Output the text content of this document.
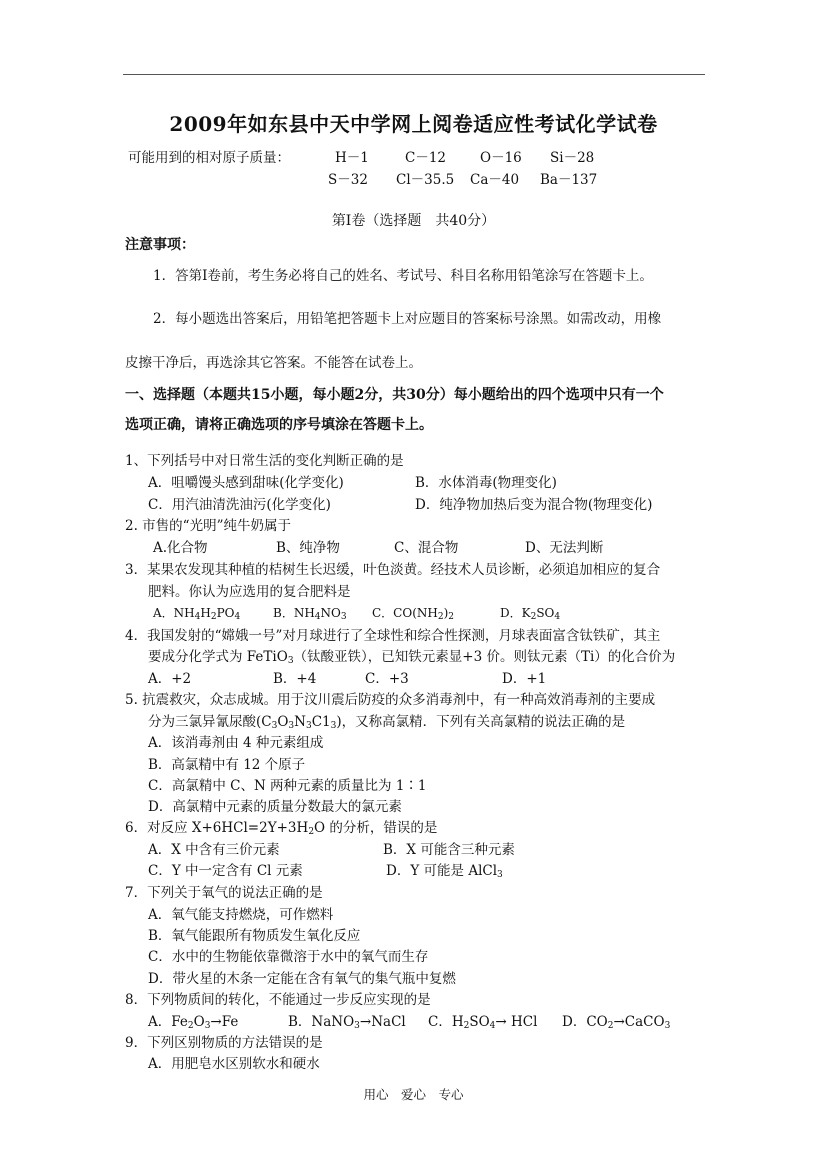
2009年如东县中天中学网上阅卷适应性考试化学试卷
可能用到的相对原子质量：	H－1	C－12	O－16 Si－28
S－32 Cl－35.5 Ca－40 Ba－137
第Ⅰ卷（选择题　共40分）
注意事项：
1．答第Ⅰ卷前，考生务必将自己的姓名、考试号、科目名称用铅笔涂写在答题卡上。
2．每小题选出答案后，用铅笔把答题卡上对应题目的答案标号涂黑。如需改动，用橡
皮擦干净后，再选涂其它答案。不能答在试卷上。
一、选择题（本题共15小题，每小题2分，共30分）每小题给出的四个选项中只有一个
选项正确，请将正确选项的序号填涂在答题卡上。
1、下列括号中对日常生活的变化判断正确的是
A．咀嚼馒头感到甜味(化学变化)	B．水体消毒(物理变化)
C．用汽油清洗油污(化学变化)	D．纯净物加热后变为混合物(物理变化)
2. 市售的“光明”纯牛奶属于
A.化合物	B、纯净物	C、混合物	D、无法判断
3．某果农发现其种植的桔树生长迟缓，叶色淡黄。经技术人员诊断，必须追加相应的复合
肥料。你认为应选用的复合肥料是
A．$NH_4H_2PO_4$	B．$NH_4NO_3$ C．$CO(NH_2)_2$	D．$K_2SO_4$
4．我国发射的“嫦娥一号”对月球进行了全球性和综合性探测，月球表面富含钛铁矿，其主
要成分化学式为 FeTiO$_3$（钛酸亚铁），已知铁元素显+3 价。则钛元素（Ti）的化合价为
A．+2	B．+4	C．+3	D．+1
5. 抗震救灾，众志成城。用于汶川震后防疫的众多消毒剂中，有一种高效消毒剂的主要成
分为三氯异氰尿酸$(C_3O_3N_3C1_3)$，又称高氯精．下列有关高氯精的说法正确的是
A．该消毒剂由 4 种元素组成
B．高氯精中有 12 个原子
C．高氯精中 C、N 两种元素的质量比为 1∶1
D．高氯精中元素的质量分数最大的氯元素
6．对反应 $X+6HCl=2Y+3H_2O$ 的分析，错误的是
A．X 中含有三价元素	B．X 可能含三种元素
C．Y 中一定含有 Cl 元素	D．Y 可能是 AlCl$_3$
7．下列关于氧气的说法正确的是
A．氧气能支持燃烧，可作燃料
B．氧气能跟所有物质发生氧化反应
C．水中的生物能依靠微溶于水中的氧气而生存
D．带火星的木条一定能在含有氧气的集气瓶中复燃
8．下列物质间的转化，不能通过一步反应实现的是
A．$Fe_2O_3\to Fe$	B．NaNO$_3$→NaCl C．$H_2SO_4\to$ HCl D．$CO_2\to CaCO_3$
9．下列区别物质的方法错误的是
A．用肥皂水区别软水和硬水
用心　爱心　专心
